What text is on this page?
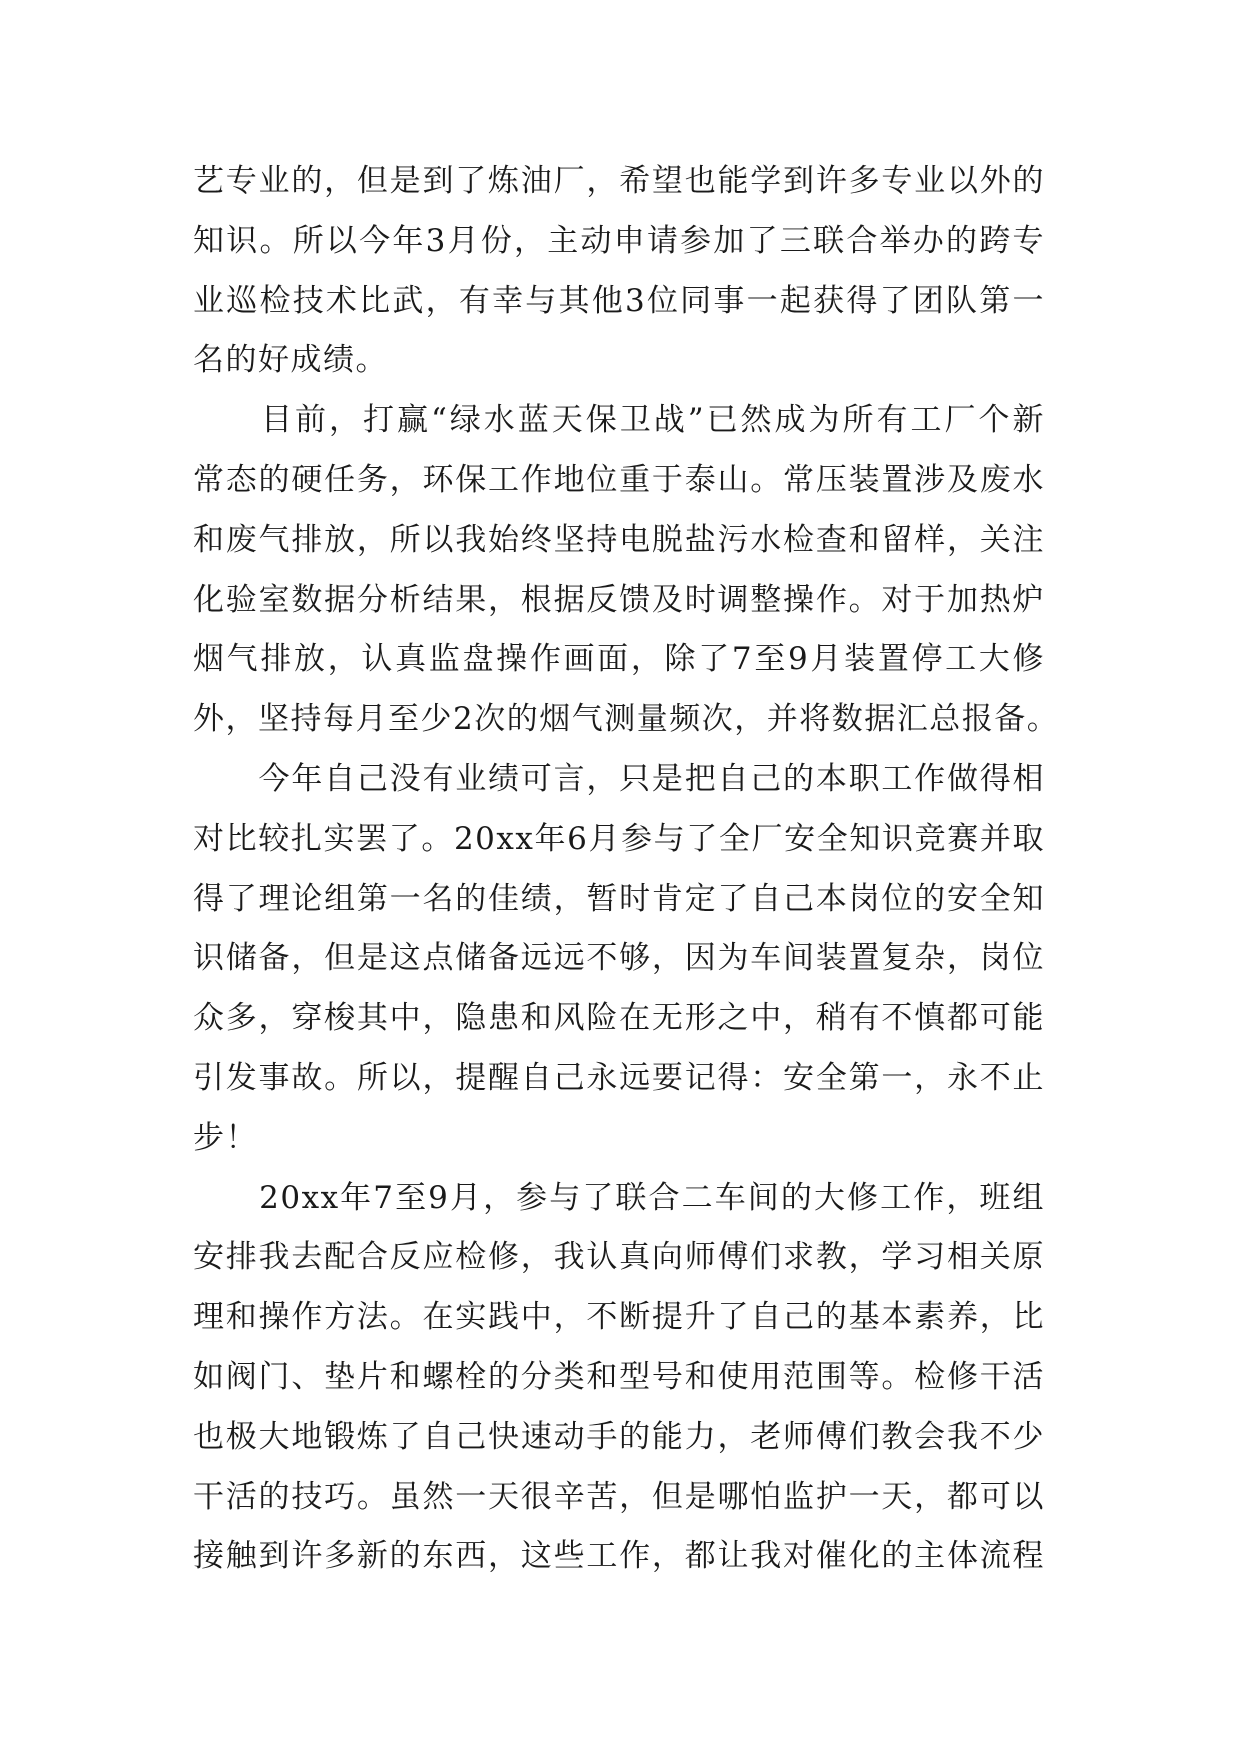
艺专业的，但是到了炼油厂，希望也能学到许多专业以外的
知识。所以今年3月份，主动申请参加了三联合举办的跨专
业巡检技术比武，有幸与其他3位同事一起获得了团队第一
名的好成绩。

　　目前，打赢“绿水蓝天保卫战”已然成为所有工厂个新
常态的硬任务，环保工作地位重于泰山。常压装置涉及废水
和废气排放，所以我始终坚持电脱盐污水检查和留样，关注
化验室数据分析结果，根据反馈及时调整操作。对于加热炉
烟气排放，认真监盘操作画面，除了7至9月装置停工大修
外，坚持每月至少2次的烟气测量频次，并将数据汇总报备。

　　今年自己没有业绩可言，只是把自己的本职工作做得相
对比较扎实罢了。20xx年6月参与了全厂安全知识竞赛并取
得了理论组第一名的佳绩，暂时肯定了自己本岗位的安全知
识储备，但是这点储备远远不够，因为车间装置复杂，岗位
众多，穿梭其中，隐患和风险在无形之中，稍有不慎都可能
引发事故。所以，提醒自己永远要记得：安全第一，永不止
步！

　　20xx年7至9月，参与了联合二车间的大修工作，班组
安排我去配合反应检修，我认真向师傅们求教，学习相关原
理和操作方法。在实践中，不断提升了自己的基本素养，比
如阀门、垫片和螺栓的分类和型号和使用范围等。检修干活
也极大地锻炼了自己快速动手的能力，老师傅们教会我不少
干活的技巧。虽然一天很辛苦，但是哪怕监护一天，都可以
接触到许多新的东西，这些工作，都让我对催化的主体流程
